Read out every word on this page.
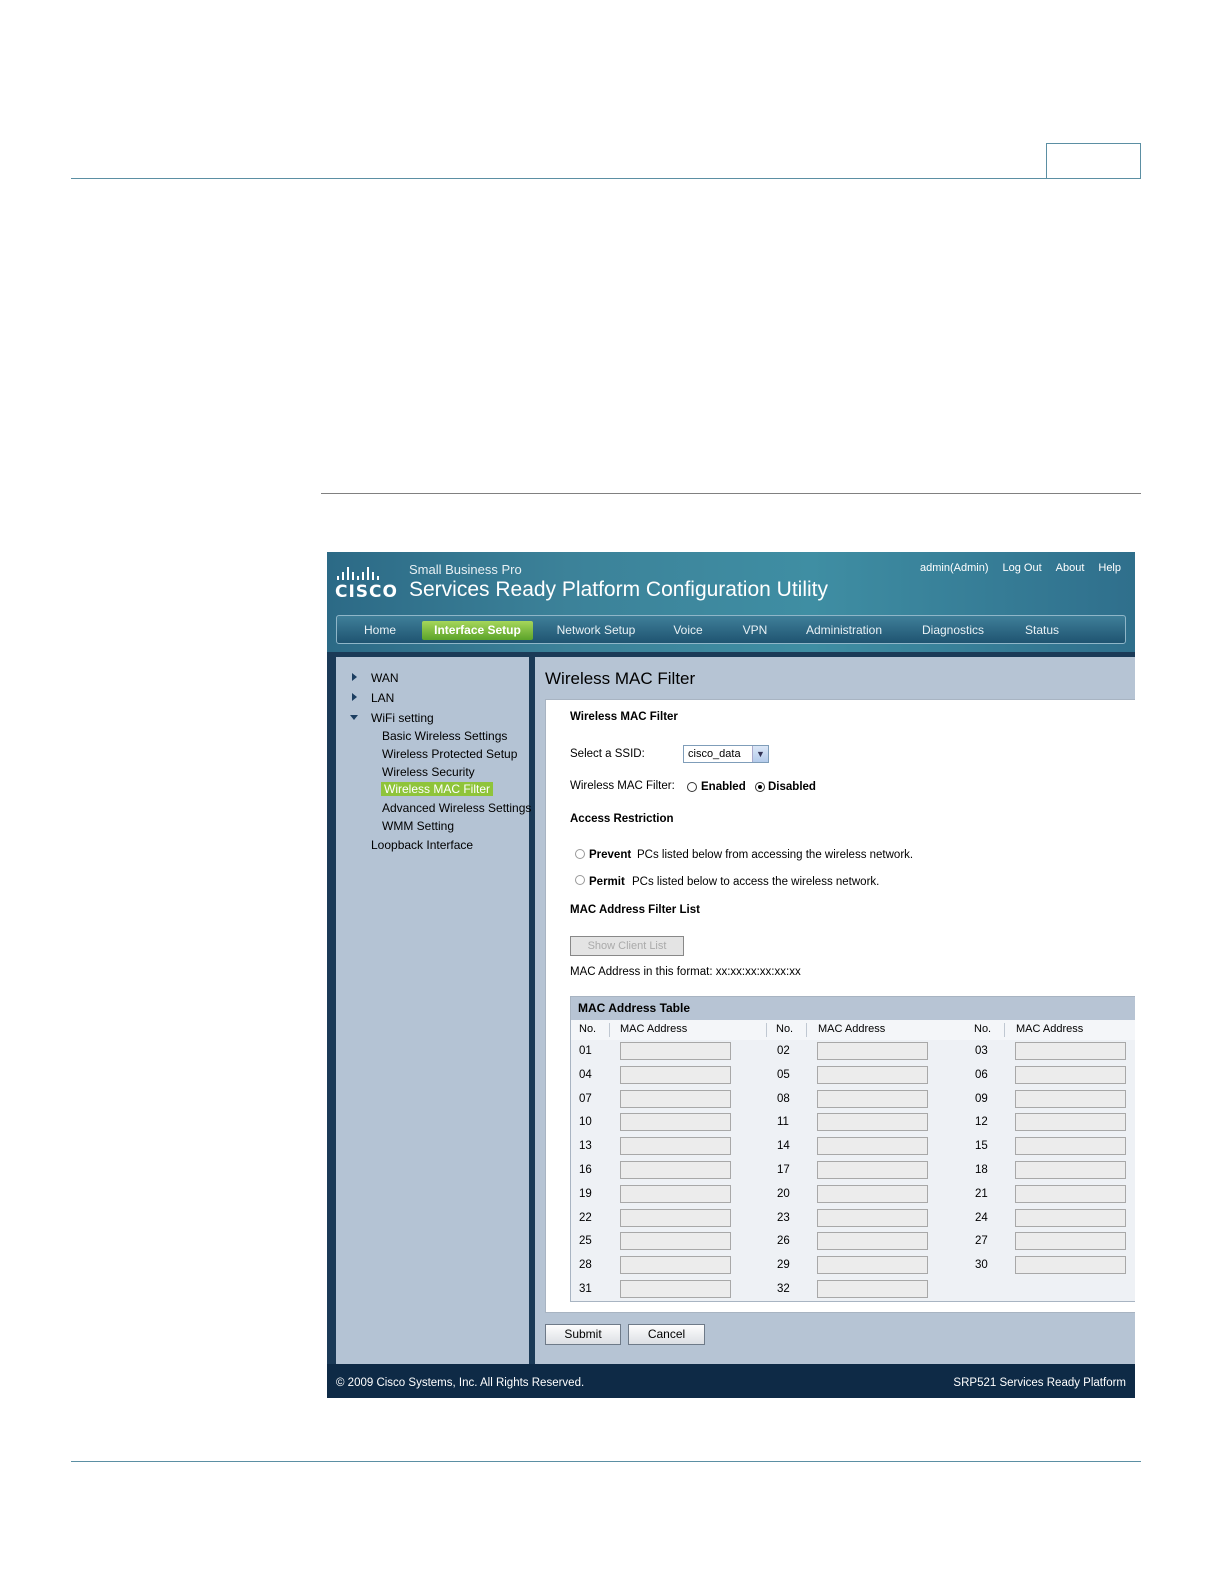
CISCO
Small Business Pro
Services Ready Platform Configuration Utility
admin(Admin) Log Out About Help
Home	Interface Setup	Network Setup	Voice	VPN	Administration	Diagnostics	Status
WAN
LAN
WiFi setting
Basic Wireless Settings
Wireless Protected Setup
Wireless Security
Wireless MAC Filter
Advanced Wireless Settings
WMM Setting
Loopback Interface
Wireless MAC Filter
Wireless MAC Filter
Select a SSID:	cisco_data	▼
Wireless MAC Filter: Enabled Disabled
Access Restriction
Prevent PCs listed below from accessing the wireless network.
Permit PCs listed below to access the wireless network.
MAC Address Filter List
Show Client List
MAC Address in this format: xx:xx:xx:xx:xx:xx
MAC Address Table
No. MAC Address	No. MAC Address	No. MAC Address
01	02	03
04	05	06
07	08	09
10	11	12
13	14	15
16	17	18
19	20	21
22	23	24
25	26	27
28	29	30
31	32
Submit	Cancel
© 2009 Cisco Systems, Inc. All Rights Reserved.	SRP521 Services Ready Platform
